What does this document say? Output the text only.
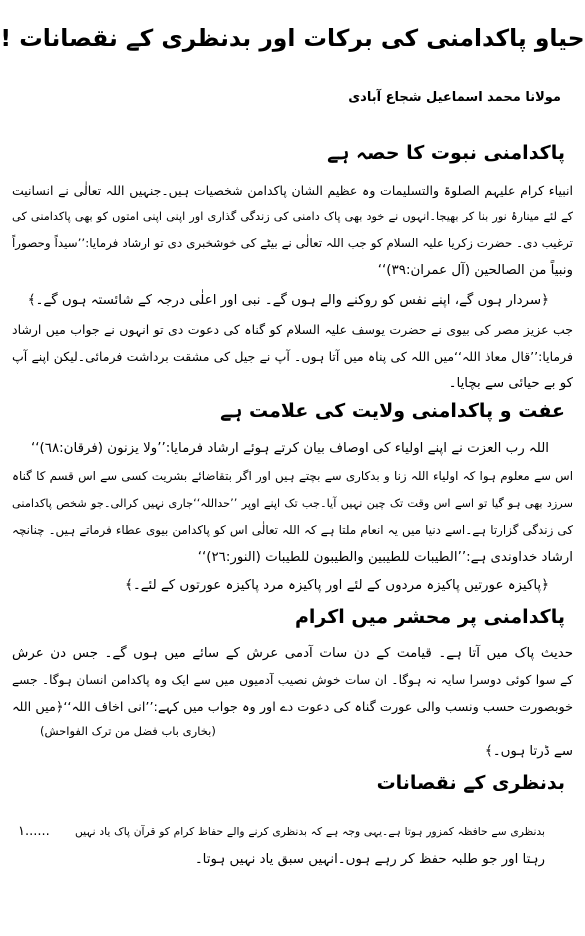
حیاو پاکدامنی کی برکات اور بدنظری کے نقصانات !
مولانا محمد اسماعیل شجاع آبادی
پاکدامنی نبوت کا حصہ ہے
انبیاء کرام علیہم الصلوۃ والتسلیمات وہ عظیم الشان پاکدامن شخصیات ہیں۔جنہیں اللہ تعالٰی نے انسانیت
کے لئے مینارۂ نور بنا کر بھیجا۔انہوں نے خود بھی پاک دامنی کی زندگی گذاری اور اپنی اپنی امتوں کو بھی پاکدامنی کی
ترغیب دی۔ حضرت زکریا علیہ السلام کو جب اللہ تعالٰی نے بیٹے کی خوشخبری دی تو ارشاد فرمایا:’’سیداً وحصوراً
ونبیاً من الصالحین (آل عمران:٣٩)‘‘
﴿سردار ہوں گے، اپنے نفس کو روکنے والے ہوں گے۔ نبی اور اعلٰی درجہ کے شائستہ ہوں گے۔﴾
جب عزیز مصر کی بیوی نے حضرت یوسف علیہ السلام کو گناہ کی دعوت دی تو انہوں نے جواب میں ارشاد
فرمایا:’’قال معاذ اللہ‘‘میں اللہ کی پناہ میں آتا ہوں۔ آپ نے جیل کی مشقت برداشت فرمائی۔لیکن اپنے آپ
کو بے حیائی سے بچایا۔
عفت و پاکدامنی ولایت کی علامت ہے
اللہ رب العزت نے اپنے اولیاء کی اوصاف بیان کرتے ہوئے ارشاد فرمایا:’’ولا یزنون (فرقان:٦٨)‘‘
اس سے معلوم ہوا کہ اولیاء اللہ زنا و بدکاری سے بچتے ہیں اور اگر بتقاضائے بشریت کسی سے اس قسم کا گناہ
سرزد بھی ہو گیا تو اسے اس وقت تک چین نہیں آیا۔جب تک اپنے اوپر ’’حداللہ‘‘جاری نہیں کرالی۔جو شخص پاکدامنی
کی زندگی گزارتا ہے۔اسے دنیا میں یہ انعام ملتا ہے کہ اللہ تعالٰی اس کو پاکدامن بیوی عطاء فرماتے ہیں۔ چنانچہ
ارشاد خداوندی ہے:’’الطیبات للطیبین والطیبون للطیبات (النور:٢٦)‘‘
﴿پاکیزہ عورتیں پاکیزہ مردوں کے لئے اور پاکیزہ مرد پاکیزہ عورتوں کے لئے۔﴾
پاکدامنی پر محشر میں اکرام
حدیث پاک میں آتا ہے۔ قیامت کے دن سات آدمی عرش کے سائے میں ہوں گے۔ جس دن عرش
کے سوا کوئی دوسرا سایہ نہ ہوگا۔ ان سات خوش نصیب آدمیوں میں سے ایک وہ پاکدامن انسان ہوگا۔ جسے
خوبصورت حسب ونسب والی عورت گناہ کی دعوت دے اور وہ جواب میں کہے:’’انی اخاف اللہ‘‘﴿میں اللہ
سے ڈرتا ہوں۔﴾
(بخاری باب فضل من ترک الفواحش)
بدنظری کے نقصانات
۱...... بدنظری سے حافظہ کمزور ہوتا ہے۔یہی وجہ ہے کہ بدنظری کرنے والے حفاظ کرام کو قرآن پاک یاد نہیں
رہتا اور جو طلبہ حفظ کر رہے ہوں۔انہیں سبق یاد نہیں ہوتا۔
